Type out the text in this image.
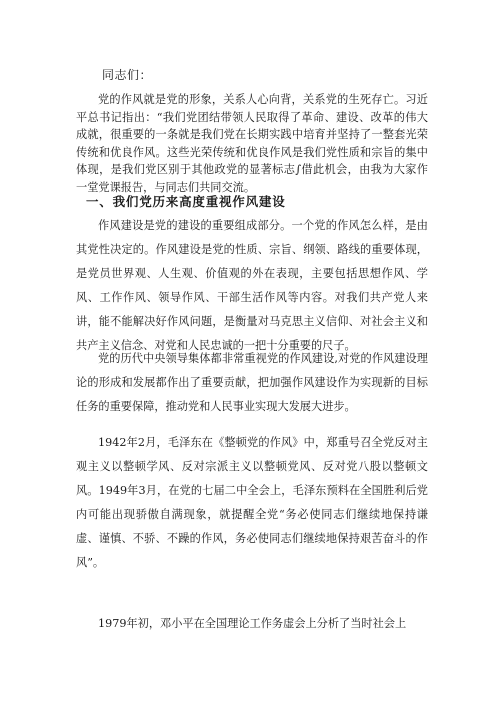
同志们：

党的作风就是党的形象，关系人心向背，关系党的生死存亡。习近平总书记指出：“我们党团结带领人民取得了革命、建设、改革的伟大成就，很重要的一条就是我们党在长期实践中培育并坚持了一整套光荣传统和优良作风。这些光荣传统和优良作风是我们党性质和宗旨的集中体现，是我们党区别于其他政党的显著标志∫借此机会，由我为大家作一堂党课报告，与同志们共同交流。

一、我们党历来高度重视作风建设

作风建设是党的建设的重要组成部分。一个党的作风怎么样，是由其党性决定的。作风建设是党的性质、宗旨、纲领、路线的重要体现，是党员世界观、人生观、价值观的外在表现，主要包括思想作风、学风、工作作风、领导作风、干部生活作风等内容。对我们共产党人来讲，能不能解决好作风问题，是衡量对马克思主义信仰、对社会主义和共产主义信念、对党和人民忠诚的一把十分重要的尺子。

党的历代中央领导集体都非常重视党的作风建设,对党的作风建设理论的形成和发展都作出了重要贡献，把加强作风建设作为实现新的目标任务的重要保障，推动党和人民事业实现大发展大进步。

1942年2月，毛泽东在《整顿党的作风》中，郑重号召全党反对主观主义以整顿学风、反对宗派主义以整顿党风、反对党八股以整顿文风。1949年3月，在党的七届二中全会上，毛泽东预料在全国胜利后党内可能出现骄傲自满现象，就提醒全党“务必使同志们继续地保持谦虚、谨慎、不骄、不躁的作风，务必使同志们继续地保持艰苦奋斗的作风”。

1979年初，邓小平在全国理论工作务虚会上分析了当时社会上
